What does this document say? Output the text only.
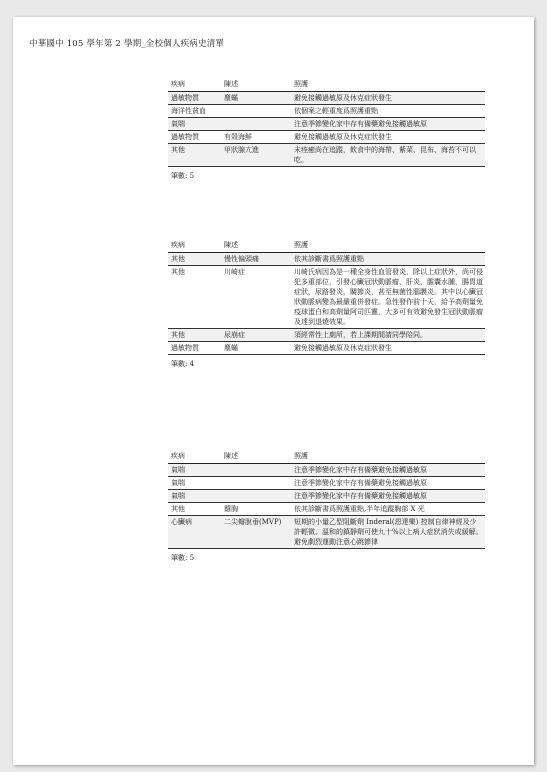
中華國中 105 學年第 2 學期_全校個人疾病史清單
疾病	陳述	照護
過敏物質	塵蟎	避免接觸過敏原及休克症狀發生
海洋性貧血		依個案之輕重度爲照護重點
氣喘		注意季節變化家中存有備藥避免接觸過敏原
過敏物質	有殼海鮮	避免接觸過敏原及休克症狀發生
其他	甲狀腺亢進	未痊癒尚在追蹤，飲食中的海帶、紫菜、昆布、海苔不可以吃。
筆數: 5
疾病	陳述	照護
其他	慢性偏頭痛	依其診斷書爲照護重點
其他	川崎症	川崎氏病因為是一種全身性血管發炎，除以上症狀外，尚可侵犯多重部位，引發心臟冠狀動脈瘤，肝炎，膽囊水腫，腸胃道症狀，尿路發炎，關節炎，甚至無菌性腦膜炎。其中以心臟冠狀動脈病變為最嚴重併發症。急性發作前十天，給予高劑量免疫球蛋白和高劑量阿司匹靈，大多可有效避免發生冠狀動脈瘤及達到退燒效果。
其他	尿崩症	須經常性上廁所，若上課期間請同學陪同。
過敏物質	塵蟎	避免接觸過敏原及休克症狀發生
筆數: 4
疾病	陳述	照護
氣喘		注意季節變化家中存有備藥避免接觸過敏原
氣喘		注意季節變化家中存有備藥避免接觸過敏原
氣喘		注意季節變化家中存有備藥避免接觸過敏原
其他	雞胸	依其診斷書爲照護重點,半年追蹤胸部 X 光
心臟病	二尖瓣脫垂(MVP)	短期的小量乙型阻斷劑 Inderal(恩達樂) 控制自律神經及少許輕微、溫和的鎮靜劑可使九十%以上病人症狀消失或緩解。 避免劇烈運動注意心跳節律
筆數: 5
